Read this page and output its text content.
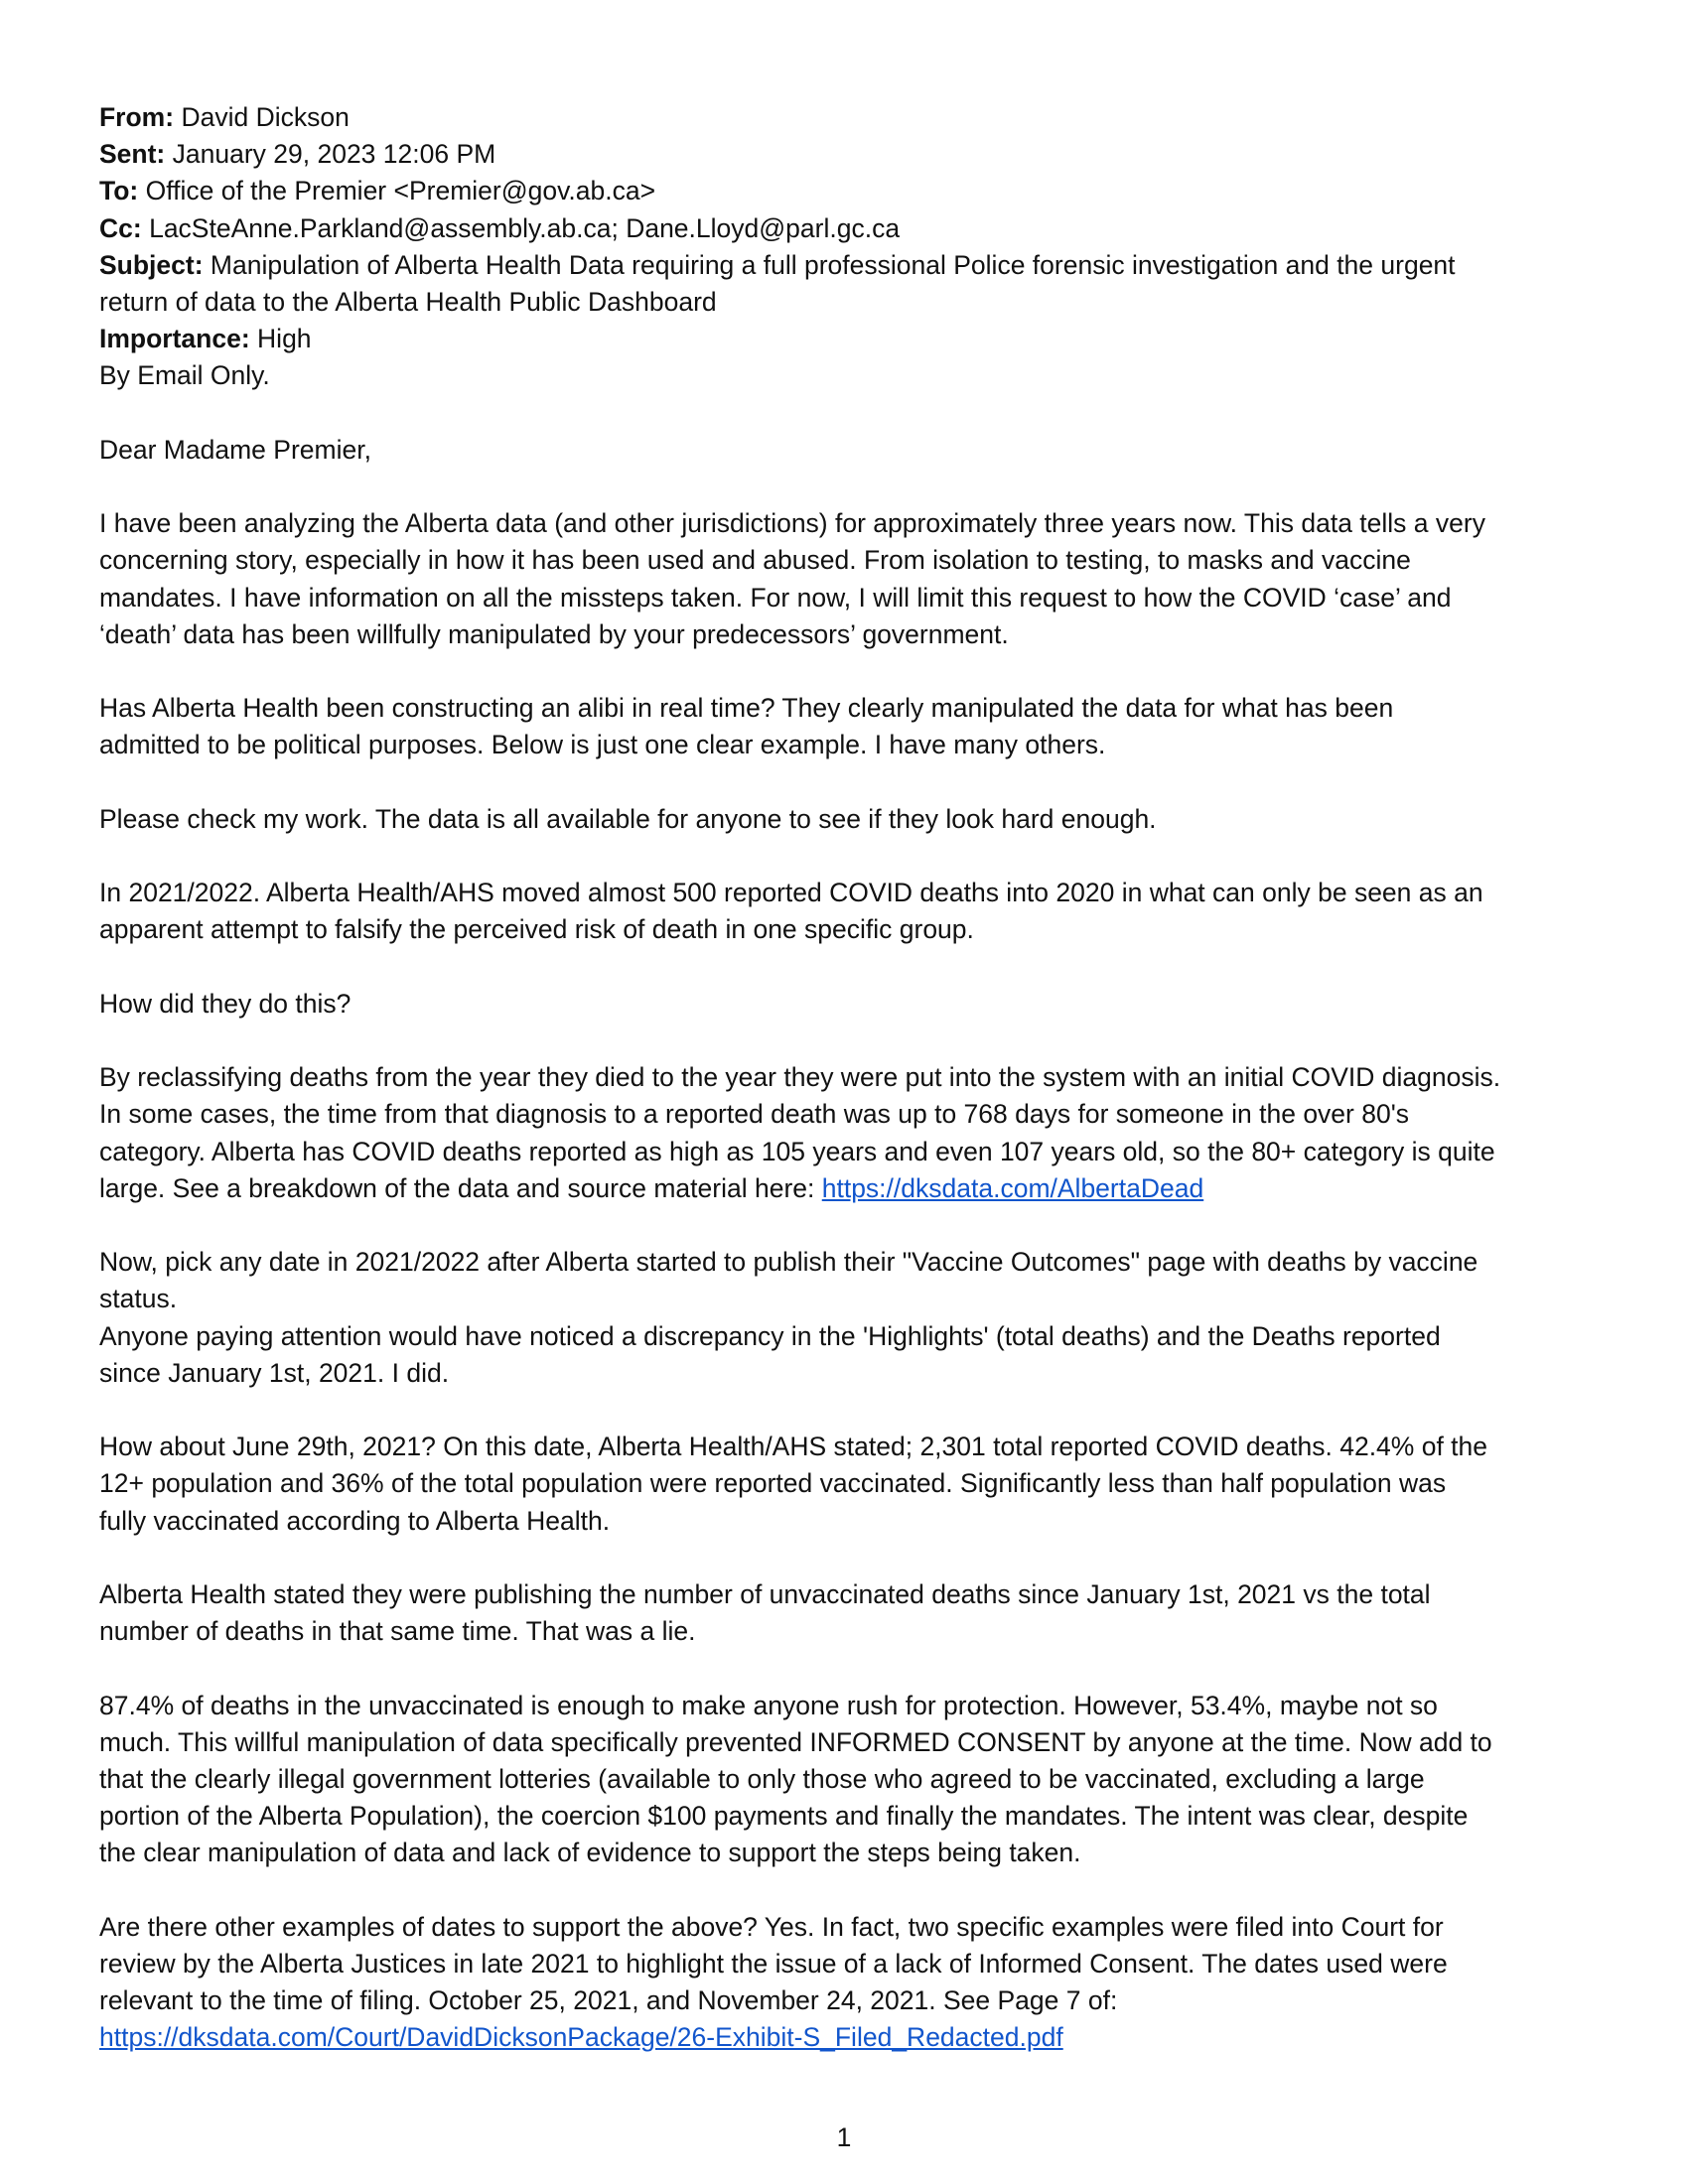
From: David Dickson
Sent: January 29, 2023 12:06 PM
To: Office of the Premier <Premier@gov.ab.ca>
Cc: LacSteAnne.Parkland@assembly.ab.ca; Dane.Lloyd@parl.gc.ca
Subject: Manipulation of Alberta Health Data requiring a full professional Police forensic investigation and the urgent
return of data to the Alberta Health Public Dashboard
Importance: High
By Email Only.
Dear Madame Premier,
I have been analyzing the Alberta data (and other jurisdictions) for approximately three years now. This data tells a very
concerning story, especially in how it has been used and abused. From isolation to testing, to masks and vaccine
mandates. I have information on all the missteps taken. For now, I will limit this request to how the COVID ‘case’ and
‘death’ data has been willfully manipulated by your predecessors’ government.
Has Alberta Health been constructing an alibi in real time? They clearly manipulated the data for what has been
admitted to be political purposes. Below is just one clear example. I have many others.
Please check my work. The data is all available for anyone to see if they look hard enough.
In 2021/2022. Alberta Health/AHS moved almost 500 reported COVID deaths into 2020 in what can only be seen as an
apparent attempt to falsify the perceived risk of death in one specific group.
How did they do this?
By reclassifying deaths from the year they died to the year they were put into the system with an initial COVID diagnosis.
In some cases, the time from that diagnosis to a reported death was up to 768 days for someone in the over 80's
category. Alberta has COVID deaths reported as high as 105 years and even 107 years old, so the 80+ category is quite
large. See a breakdown of the data and source material here: https://dksdata.com/AlbertaDead
Now, pick any date in 2021/2022 after Alberta started to publish their "Vaccine Outcomes" page with deaths by vaccine
status.
Anyone paying attention would have noticed a discrepancy in the 'Highlights' (total deaths) and the Deaths reported
since January 1st, 2021. I did.
How about June 29th, 2021? On this date, Alberta Health/AHS stated; 2,301 total reported COVID deaths. 42.4% of the
12+ population and 36% of the total population were reported vaccinated. Significantly less than half population was
fully vaccinated according to Alberta Health.
Alberta Health stated they were publishing the number of unvaccinated deaths since January 1st, 2021 vs the total
number of deaths in that same time. That was a lie.
87.4% of deaths in the unvaccinated is enough to make anyone rush for protection. However, 53.4%, maybe not so
much. This willful manipulation of data specifically prevented INFORMED CONSENT by anyone at the time. Now add to
that the clearly illegal government lotteries (available to only those who agreed to be vaccinated, excluding a large
portion of the Alberta Population), the coercion $100 payments and finally the mandates. The intent was clear, despite
the clear manipulation of data and lack of evidence to support the steps being taken.
Are there other examples of dates to support the above? Yes. In fact, two specific examples were filed into Court for
review by the Alberta Justices in late 2021 to highlight the issue of a lack of Informed Consent. The dates used were
relevant to the time of filing. October 25, 2021, and November 24, 2021. See Page 7 of:
https://dksdata.com/Court/DavidDicksonPackage/26-Exhibit-S_Filed_Redacted.pdf
1
